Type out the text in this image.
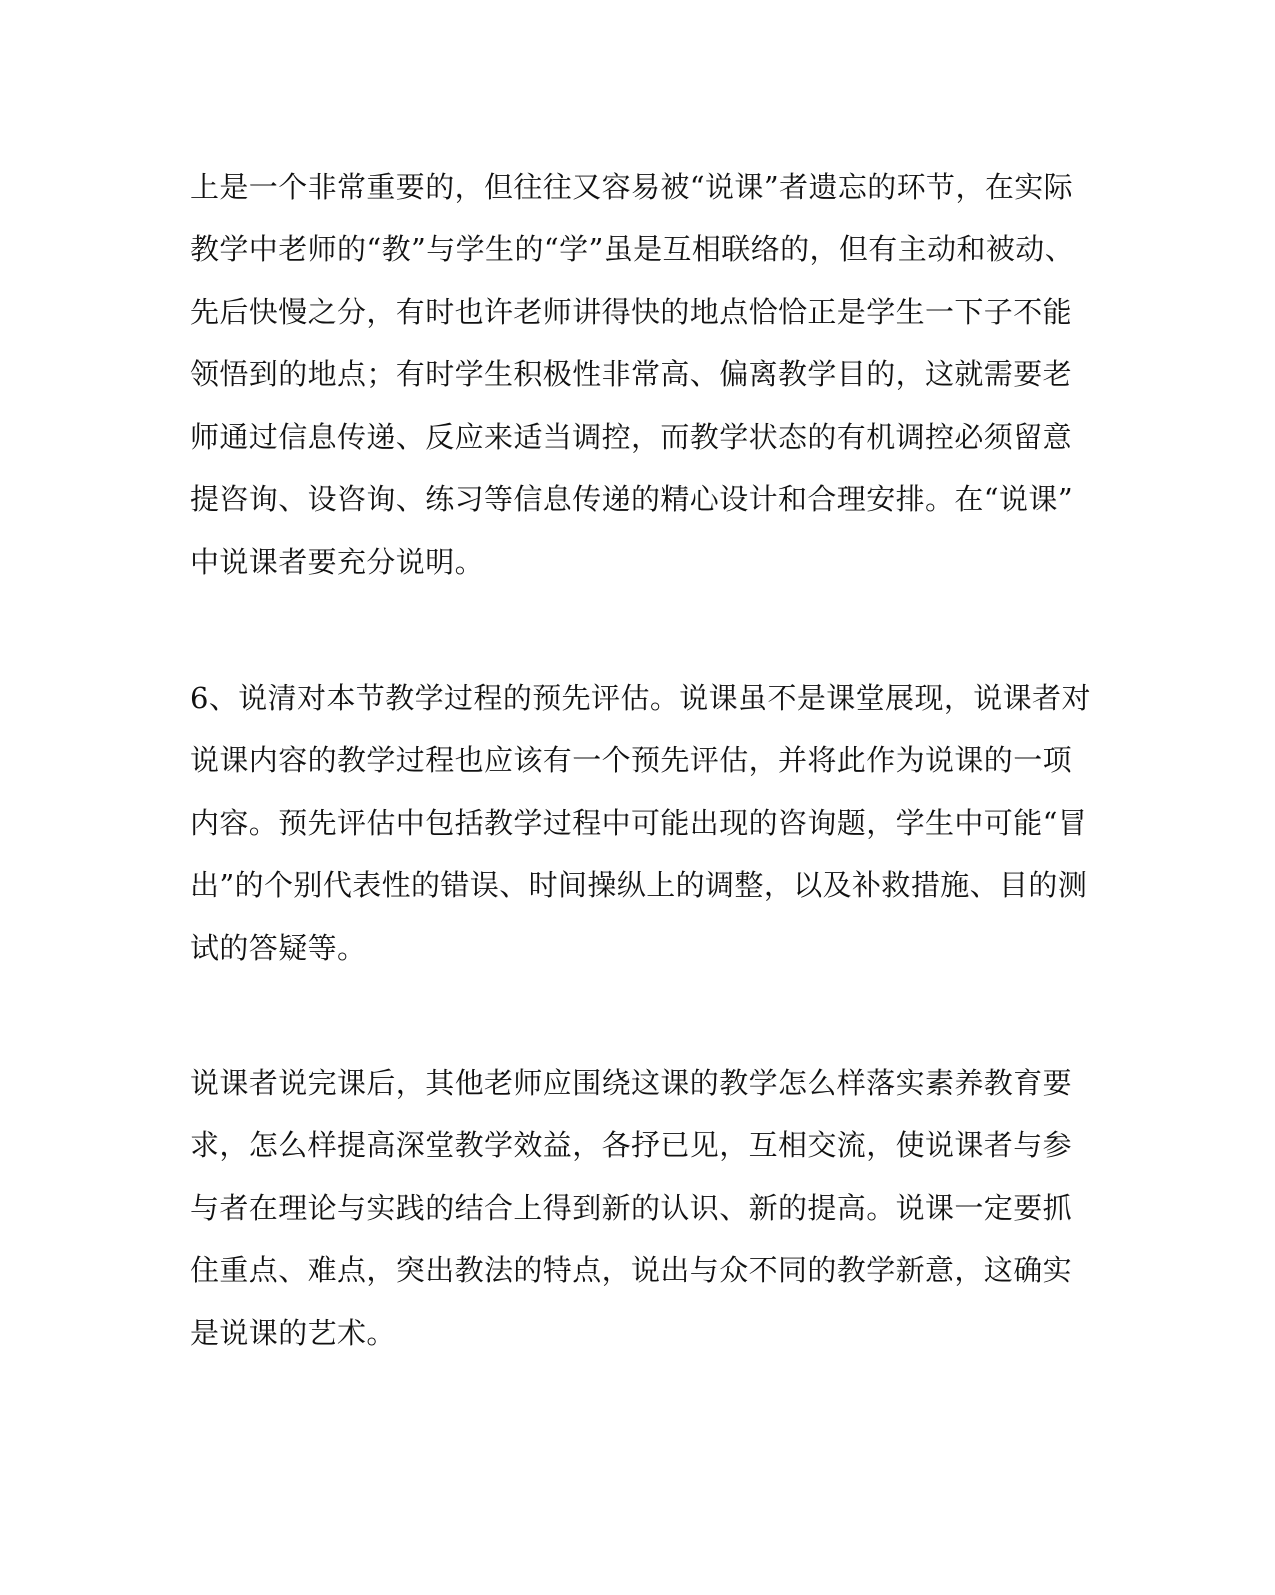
上是一个非常重要的，但往往又容易被“说课”者遗忘的环节，在实际
教学中老师的“教”与学生的“学”虽是互相联络的，但有主动和被动、
先后快慢之分，有时也许老师讲得快的地点恰恰正是学生一下子不能
领悟到的地点；有时学生积极性非常高、偏离教学目的，这就需要老
师通过信息传递、反应来适当调控，而教学状态的有机调控必须留意
提咨询、设咨询、练习等信息传递的精心设计和合理安排。在“说课”
中说课者要充分说明。
6、说清对本节教学过程的预先评估。说课虽不是课堂展现，说课者对
说课内容的教学过程也应该有一个预先评估，并将此作为说课的一项
内容。预先评估中包括教学过程中可能出现的咨询题，学生中可能“冒
出”的个别代表性的错误、时间操纵上的调整，以及补救措施、目的测
试的答疑等。
说课者说完课后，其他老师应围绕这课的教学怎么样落实素养教育要
求，怎么样提高深堂教学效益，各抒已见，互相交流，使说课者与参
与者在理论与实践的结合上得到新的认识、新的提高。说课一定要抓
住重点、难点，突出教法的特点，说出与众不同的教学新意，这确实
是说课的艺术。
